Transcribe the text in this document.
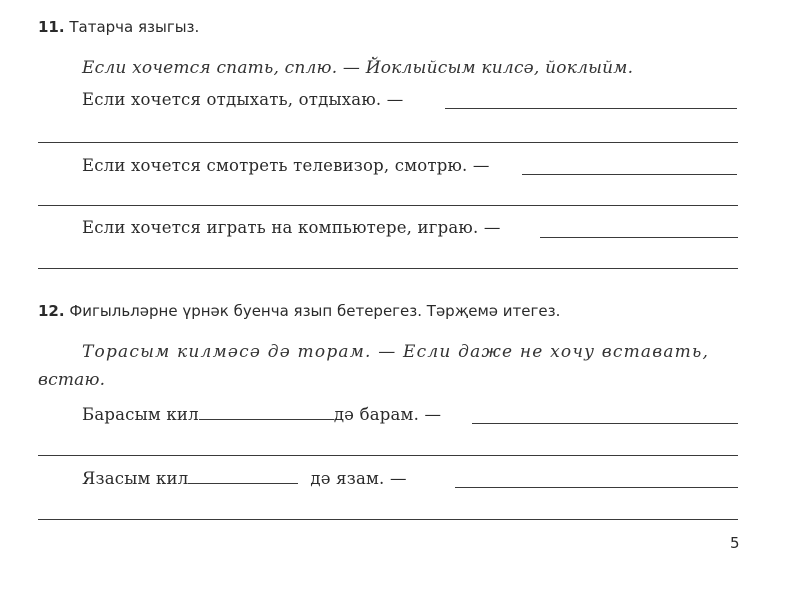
11. Татарча языгыз.
Если хочется спать, сплю. — Йоклыйсым килсә, йоклыйм.
Если хочется отдыхать, отдыхаю. —
Если хочется смотреть телевизор, смотрю. —
Если хочется играть на компьютере, играю. —
12. Фигыльләрне үрнәк буенча язып бетерегез. Тәрҗемә итегез.
Торасым килмәсә дә торам. — Если даже не хочу вставать,
встаю.
Барасым кил	дә барам. —
Язасым кил	дә язам. —
5
